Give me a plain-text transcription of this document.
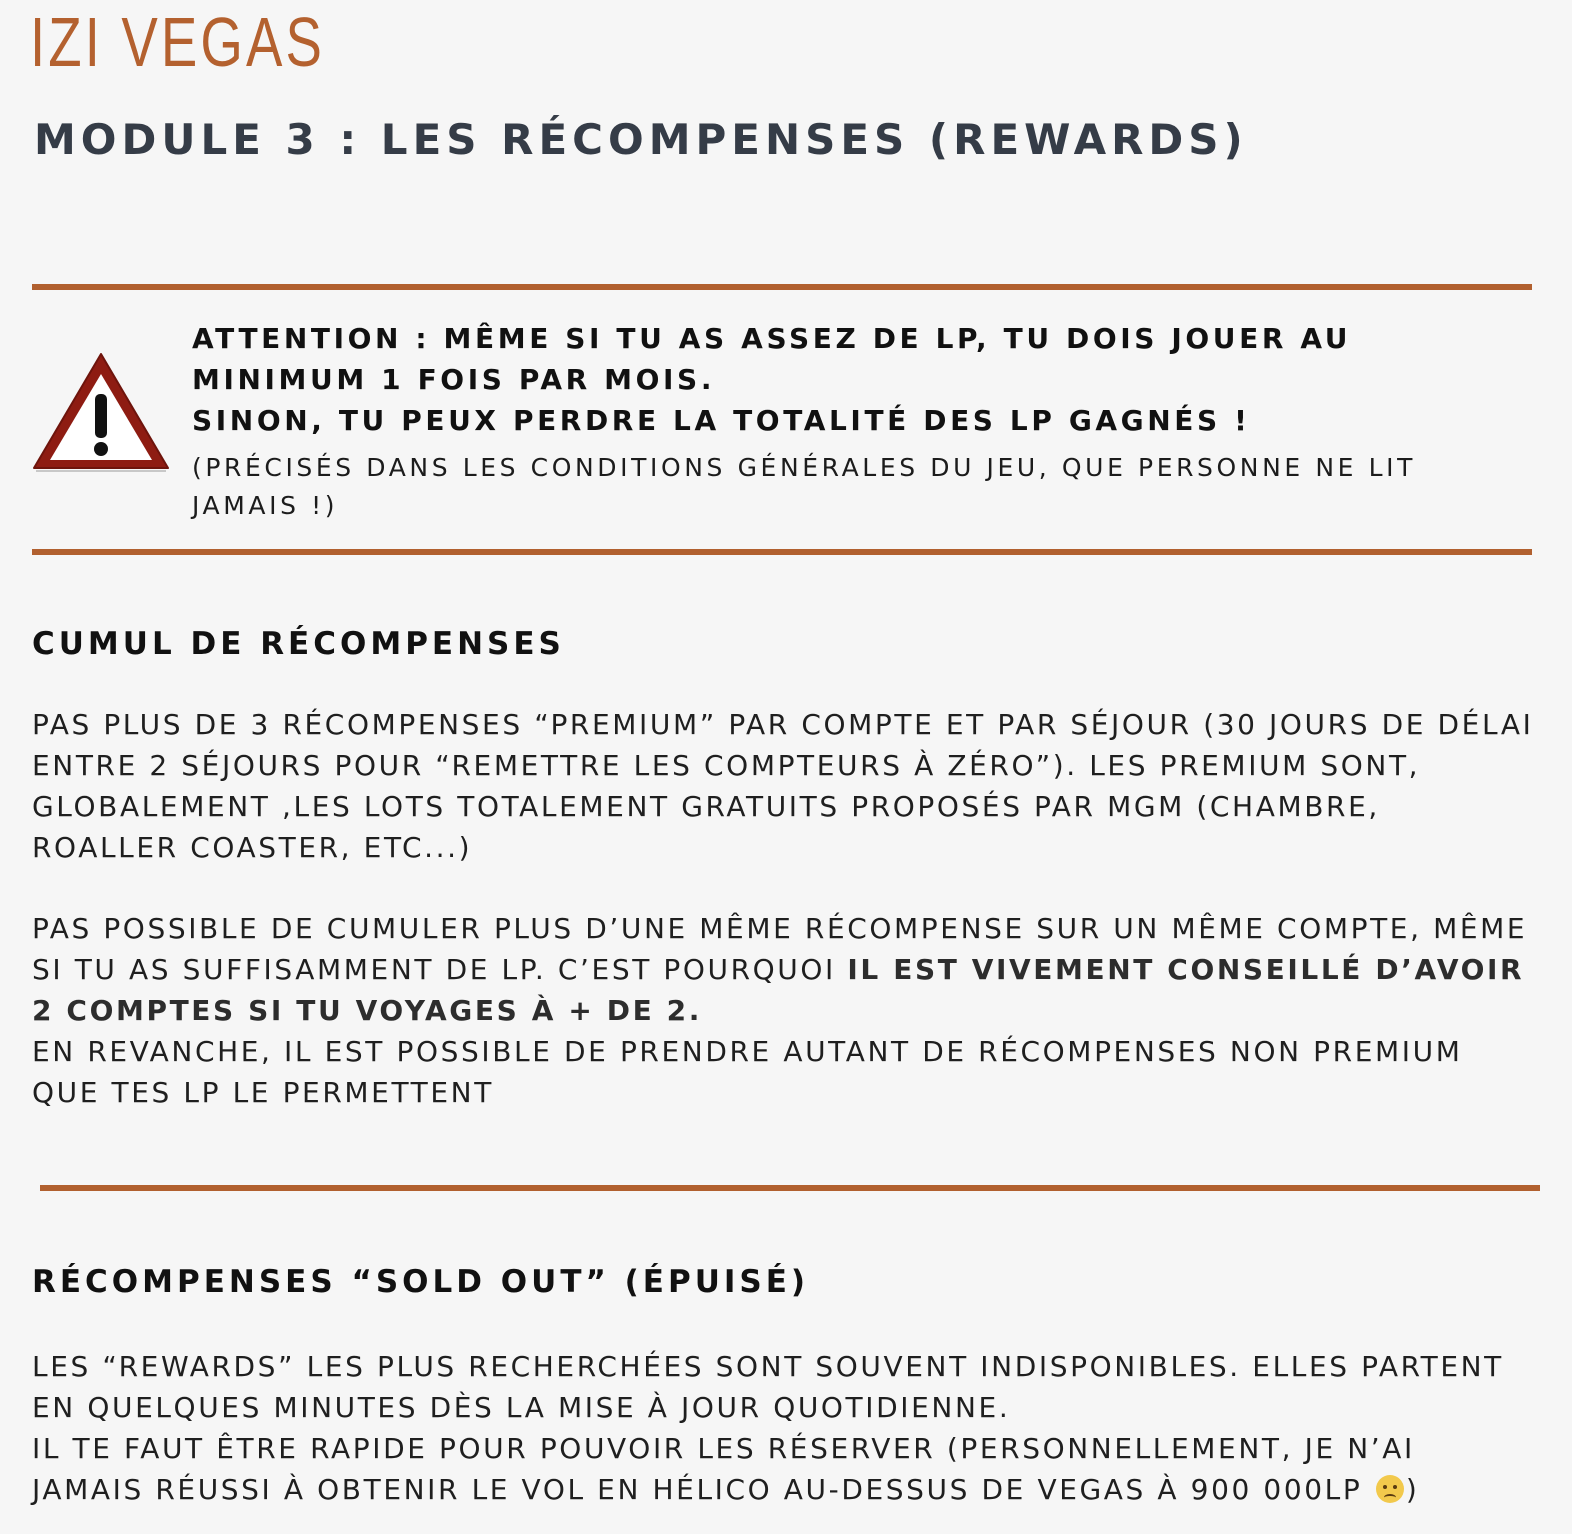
IZI VEGAS
MODULE 3 : LES RÉCOMPENSES (REWARDS)

ATTENTION : MÊME SI TU AS ASSEZ DE LP, TU DOIS JOUER AU MINIMUM 1 FOIS PAR MOIS.

SINON, TU PEUX PERDRE LA TOTALITÉ DES LP GAGNÉS !

(PRÉCISÉS DANS LES CONDITIONS GÉNÉRALES DU JEU, QUE PERSONNE NE LIT JAMAIS !)

CUMUL DE RÉCOMPENSES

PAS PLUS DE 3 RÉCOMPENSES “PREMIUM” PAR COMPTE ET PAR SÉJOUR (30 JOURS DE DÉLAI ENTRE 2 SÉJOURS POUR “REMETTRE LES COMPTEURS À ZÉRO”). LES PREMIUM SONT, GLOBALEMENT ,LES LOTS TOTALEMENT GRATUITS PROPOSÉS PAR MGM (CHAMBRE, ROALLER COASTER, ETC...)

PAS POSSIBLE DE CUMULER PLUS D’UNE MÊME RÉCOMPENSE SUR UN MÊME COMPTE, MÊME SI TU AS SUFFISAMMENT DE LP. C’EST POURQUOI IL EST VIVEMENT CONSEILLÉ D’AVOIR 2 COMPTES SI TU VOYAGES À + DE 2.
EN REVANCHE, IL EST POSSIBLE DE PRENDRE AUTANT DE RÉCOMPENSES NON PREMIUM QUE TES LP LE PERMETTENT

RÉCOMPENSES “SOLD OUT” (ÉPUISÉ)

LES “REWARDS” LES PLUS RECHERCHÉES SONT SOUVENT INDISPONIBLES. ELLES PARTENT EN QUELQUES MINUTES DÈS LA MISE À JOUR QUOTIDIENNE.
IL TE FAUT ÊTRE RAPIDE POUR POUVOIR LES RÉSERVER (PERSONNELLEMENT, JE N’AI JAMAIS RÉUSSI À OBTENIR LE VOL EN HÉLICO AU-DESSUS DE VEGAS À 900 000LP )
